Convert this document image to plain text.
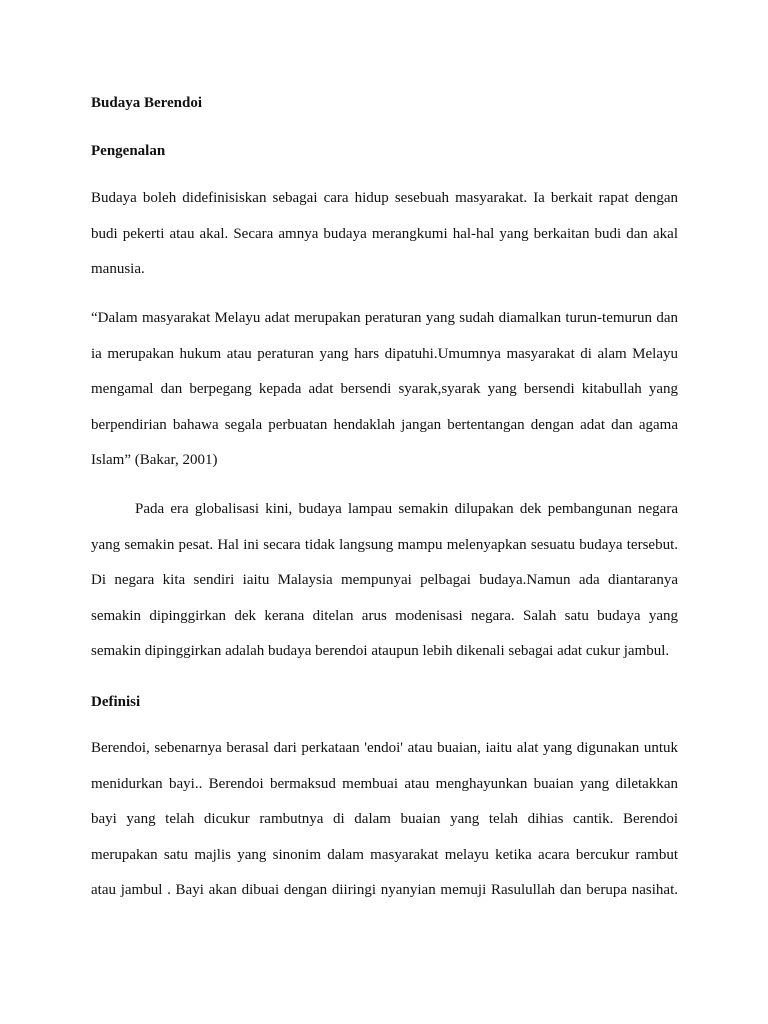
Budaya Berendoi
Pengenalan
Budaya boleh didefinisiskan sebagai cara hidup sesebuah masyarakat. Ia berkait rapat dengan
budi pekerti atau akal. Secara amnya budaya merangkumi hal-hal yang berkaitan budi dan akal
manusia.
“Dalam masyarakat Melayu adat merupakan peraturan yang sudah diamalkan turun-temurun dan
ia merupakan hukum atau peraturan yang hars dipatuhi.Umumnya masyarakat di alam Melayu
mengamal dan berpegang kepada adat bersendi syarak,syarak yang bersendi kitabullah yang
berpendirian bahawa segala perbuatan hendaklah jangan bertentangan dengan adat dan agama
Islam” (Bakar, 2001)
Pada era globalisasi kini, budaya lampau semakin dilupakan dek pembangunan negara
yang semakin pesat. Hal ini secara tidak langsung mampu melenyapkan sesuatu budaya tersebut.
Di negara kita sendiri iaitu Malaysia mempunyai pelbagai budaya.Namun ada diantaranya
semakin dipinggirkan dek kerana ditelan arus modenisasi negara. Salah satu budaya yang
semakin dipinggirkan adalah budaya berendoi ataupun lebih dikenali sebagai adat cukur jambul.
Definisi
Berendoi, sebenarnya berasal dari perkataan 'endoi' atau buaian, iaitu alat yang digunakan untuk
menidurkan bayi.. Berendoi bermaksud membuai atau menghayunkan buaian yang diletakkan
bayi yang telah dicukur rambutnya di dalam buaian yang telah dihias cantik. Berendoi
merupakan satu majlis yang sinonim dalam masyarakat melayu ketika acara bercukur rambut
atau jambul . Bayi akan dibuai dengan diiringi nyanyian memuji Rasulullah dan berupa nasihat.
